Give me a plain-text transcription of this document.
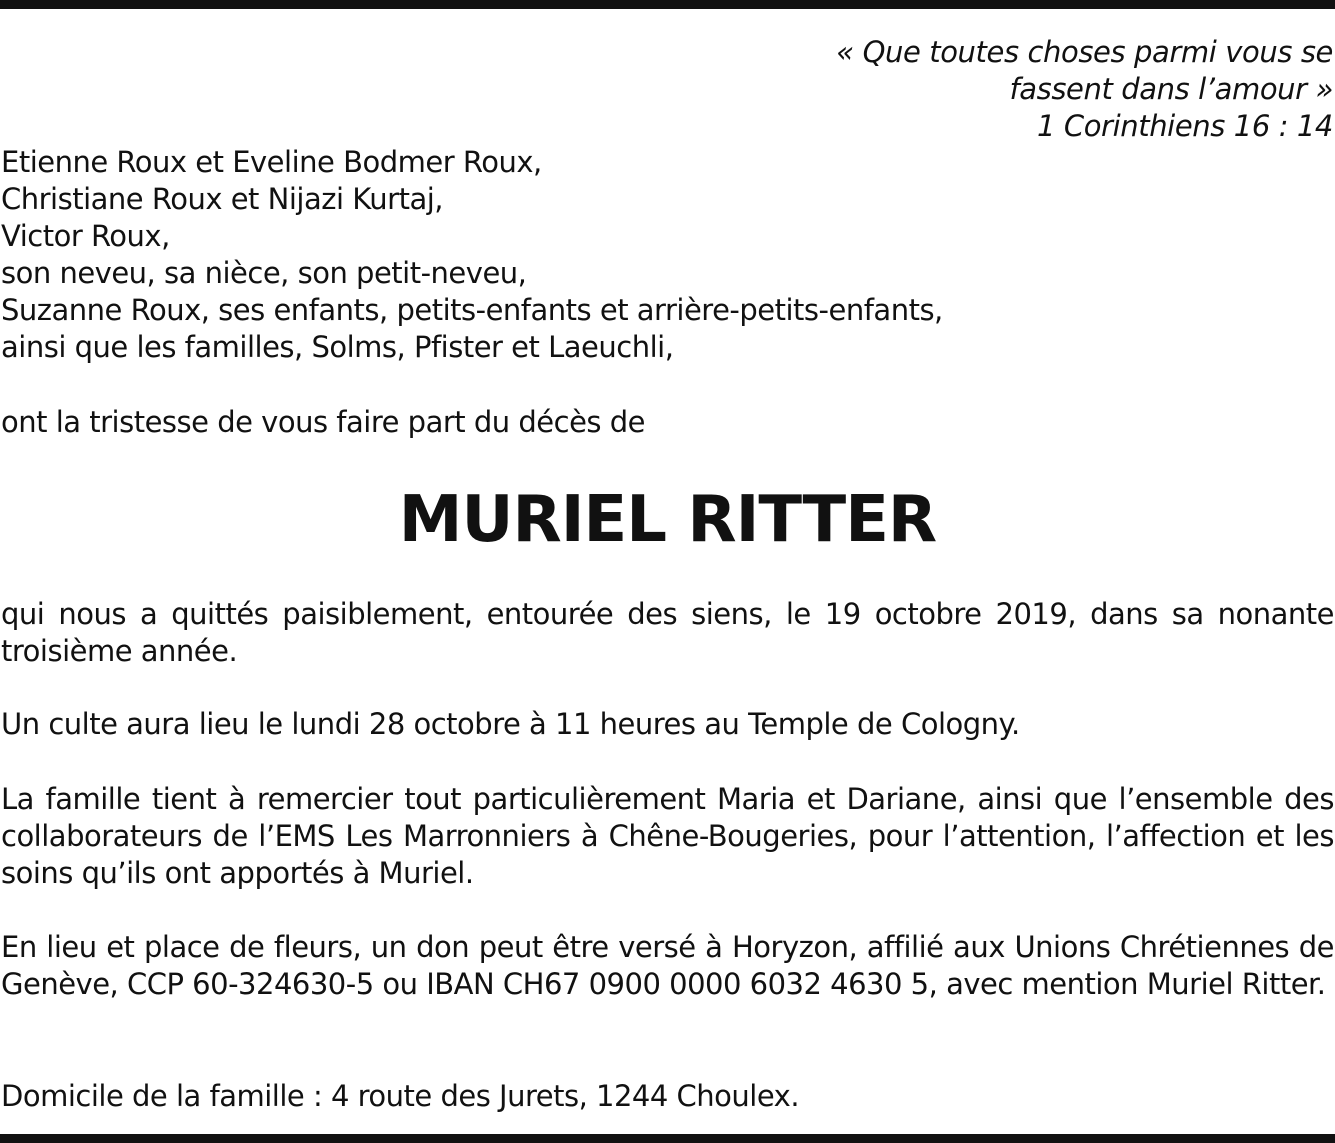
« Que toutes choses parmi vous se
fassent dans l’amour »
1 Corinthiens 16 : 14
Etienne Roux et Eveline Bodmer Roux,
Christiane Roux et Nijazi Kurtaj,
Victor Roux,
son neveu, sa nièce, son petit-neveu,
Suzanne Roux, ses enfants, petits-enfants et arrière-petits-enfants,
ainsi que les familles, Solms, Pfister et Laeuchli,

ont la tristesse de vous faire part du décès de

MURIEL RITTER

qui nous a quittés paisiblement, entourée des siens, le 19 octobre 2019, dans sa nonante troisième année.

Un culte aura lieu le lundi 28 octobre à 11 heures au Temple de Cologny.

La famille tient à remercier tout particulièrement Maria et Dariane, ainsi que l’ensemble des collaborateurs de l’EMS Les Marronniers à Chêne-Bougeries, pour l’attention, l’affection et les soins qu’ils ont apportés à Muriel.

En lieu et place de fleurs, un don peut être versé à Horyzon, affilié aux Unions Chrétiennes de Genève, CCP 60-324630-5 ou IBAN CH67 0900 0000 6032 4630 5, avec mention Muriel Ritter.

Domicile de la famille : 4 route des Jurets, 1244 Choulex.
